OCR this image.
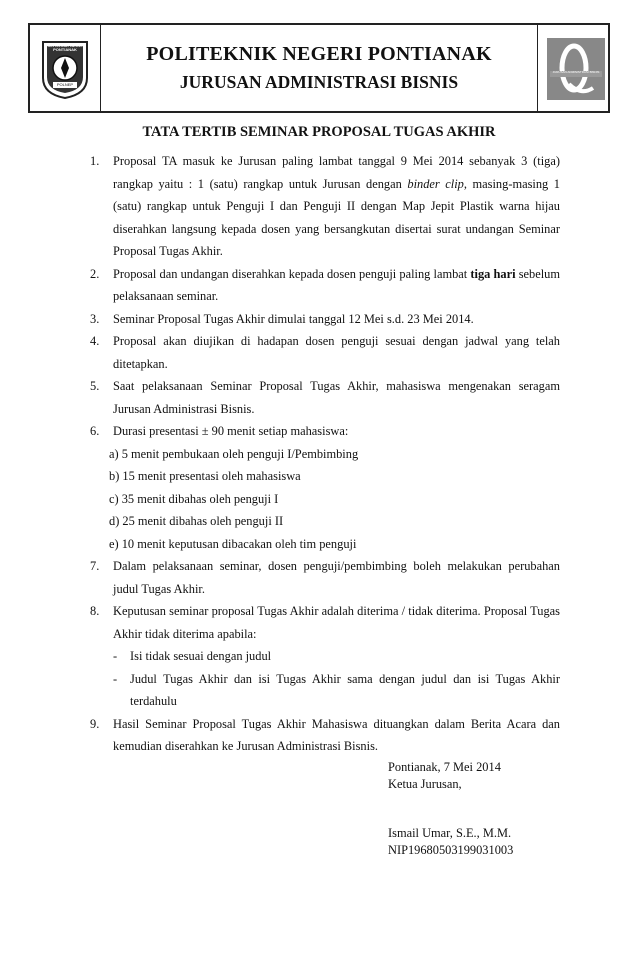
POLITEKNIK NEGERI PONTIANAK
POLNEP
POLITEKNIK NEGERI PONTIANAK
JURUSAN ADMINISTRASI BISNIS	JURUSAN ADMINISTRASI BISNIS
TATA TERTIB SEMINAR PROPOSAL TUGAS AKHIR
1. Proposal TA masuk ke Jurusan paling lambat tanggal 9 Mei 2014 sebanyak 3 (tiga) rangkap yaitu : 1 (satu) rangkap untuk Jurusan dengan binder clip, masing-masing 1 (satu) rangkap untuk Penguji I dan Penguji II dengan Map Jepit Plastik warna hijau diserahkan langsung kepada dosen yang bersangkutan disertai surat undangan Seminar Proposal Tugas Akhir.
2. Proposal dan undangan diserahkan kepada dosen penguji paling lambat tiga hari sebelum pelaksanaan seminar.
3. Seminar Proposal Tugas Akhir dimulai tanggal 12 Mei s.d. 23 Mei 2014.
4. Proposal akan diujikan di hadapan dosen penguji sesuai dengan jadwal yang telah ditetapkan.
5. Saat pelaksanaan Seminar Proposal Tugas Akhir, mahasiswa mengenakan seragam Jurusan Administrasi Bisnis.
6. Durasi presentasi ± 90 menit setiap mahasiswa:
a) 5 menit pembukaan oleh penguji I/Pembimbing
b) 15 menit presentasi oleh mahasiswa
c) 35 menit dibahas oleh penguji I
d) 25 menit dibahas oleh penguji II
e) 10 menit keputusan dibacakan oleh tim penguji
7. Dalam pelaksanaan seminar, dosen penguji/pembimbing boleh melakukan perubahan judul Tugas Akhir.
8. Keputusan seminar proposal Tugas Akhir adalah diterima / tidak diterima. Proposal Tugas Akhir tidak diterima apabila:
- Isi tidak sesuai dengan judul
- Judul Tugas Akhir dan isi Tugas Akhir sama dengan judul dan isi Tugas Akhir terdahulu
9. Hasil Seminar Proposal Tugas Akhir Mahasiswa dituangkan dalam Berita Acara dan kemudian diserahkan ke Jurusan Administrasi Bisnis.
Pontianak, 7 Mei 2014
Ketua Jurusan,
Ismail Umar, S.E., M.M.
NIP19680503199031003
